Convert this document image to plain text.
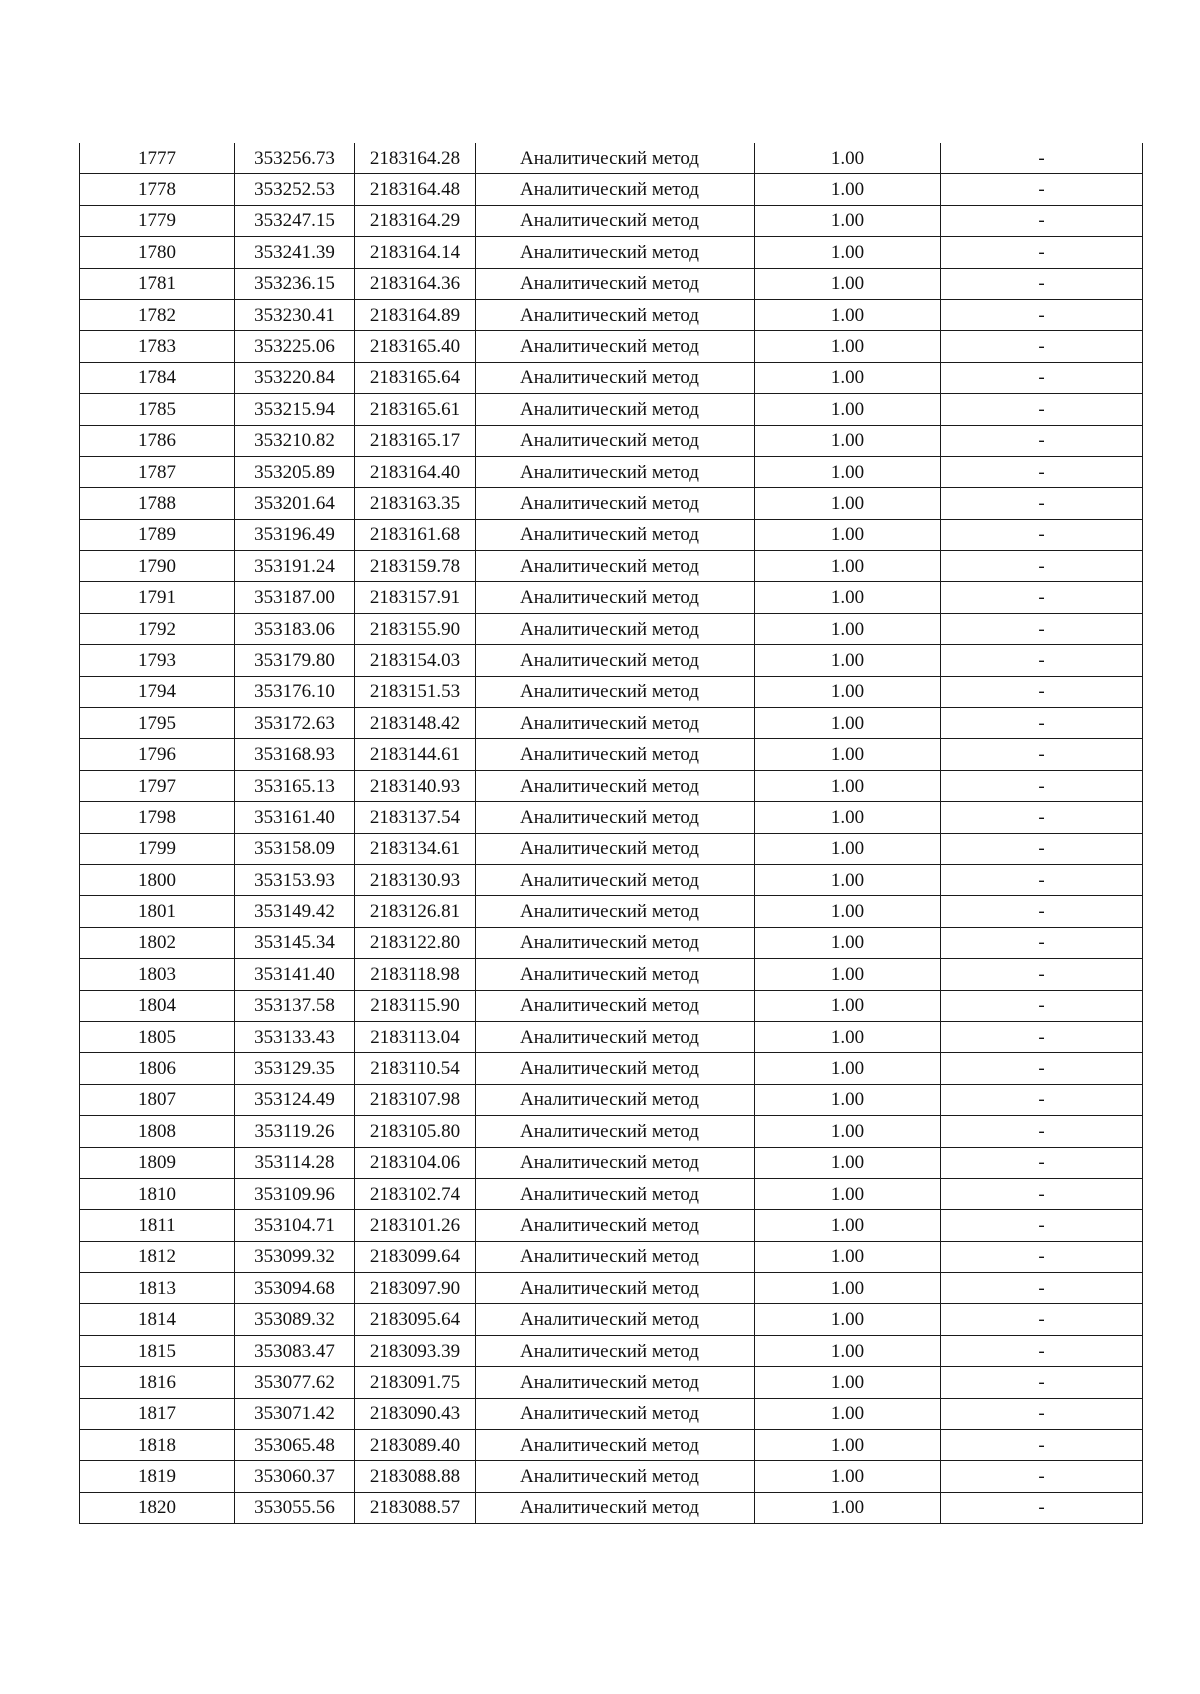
1777	353256.73	2183164.28	Аналитический метод	1.00	-
1778	353252.53	2183164.48	Аналитический метод	1.00	-
1779	353247.15	2183164.29	Аналитический метод	1.00	-
1780	353241.39	2183164.14	Аналитический метод	1.00	-
1781	353236.15	2183164.36	Аналитический метод	1.00	-
1782	353230.41	2183164.89	Аналитический метод	1.00	-
1783	353225.06	2183165.40	Аналитический метод	1.00	-
1784	353220.84	2183165.64	Аналитический метод	1.00	-
1785	353215.94	2183165.61	Аналитический метод	1.00	-
1786	353210.82	2183165.17	Аналитический метод	1.00	-
1787	353205.89	2183164.40	Аналитический метод	1.00	-
1788	353201.64	2183163.35	Аналитический метод	1.00	-
1789	353196.49	2183161.68	Аналитический метод	1.00	-
1790	353191.24	2183159.78	Аналитический метод	1.00	-
1791	353187.00	2183157.91	Аналитический метод	1.00	-
1792	353183.06	2183155.90	Аналитический метод	1.00	-
1793	353179.80	2183154.03	Аналитический метод	1.00	-
1794	353176.10	2183151.53	Аналитический метод	1.00	-
1795	353172.63	2183148.42	Аналитический метод	1.00	-
1796	353168.93	2183144.61	Аналитический метод	1.00	-
1797	353165.13	2183140.93	Аналитический метод	1.00	-
1798	353161.40	2183137.54	Аналитический метод	1.00	-
1799	353158.09	2183134.61	Аналитический метод	1.00	-
1800	353153.93	2183130.93	Аналитический метод	1.00	-
1801	353149.42	2183126.81	Аналитический метод	1.00	-
1802	353145.34	2183122.80	Аналитический метод	1.00	-
1803	353141.40	2183118.98	Аналитический метод	1.00	-
1804	353137.58	2183115.90	Аналитический метод	1.00	-
1805	353133.43	2183113.04	Аналитический метод	1.00	-
1806	353129.35	2183110.54	Аналитический метод	1.00	-
1807	353124.49	2183107.98	Аналитический метод	1.00	-
1808	353119.26	2183105.80	Аналитический метод	1.00	-
1809	353114.28	2183104.06	Аналитический метод	1.00	-
1810	353109.96	2183102.74	Аналитический метод	1.00	-
1811	353104.71	2183101.26	Аналитический метод	1.00	-
1812	353099.32	2183099.64	Аналитический метод	1.00	-
1813	353094.68	2183097.90	Аналитический метод	1.00	-
1814	353089.32	2183095.64	Аналитический метод	1.00	-
1815	353083.47	2183093.39	Аналитический метод	1.00	-
1816	353077.62	2183091.75	Аналитический метод	1.00	-
1817	353071.42	2183090.43	Аналитический метод	1.00	-
1818	353065.48	2183089.40	Аналитический метод	1.00	-
1819	353060.37	2183088.88	Аналитический метод	1.00	-
1820	353055.56	2183088.57	Аналитический метод	1.00	-
